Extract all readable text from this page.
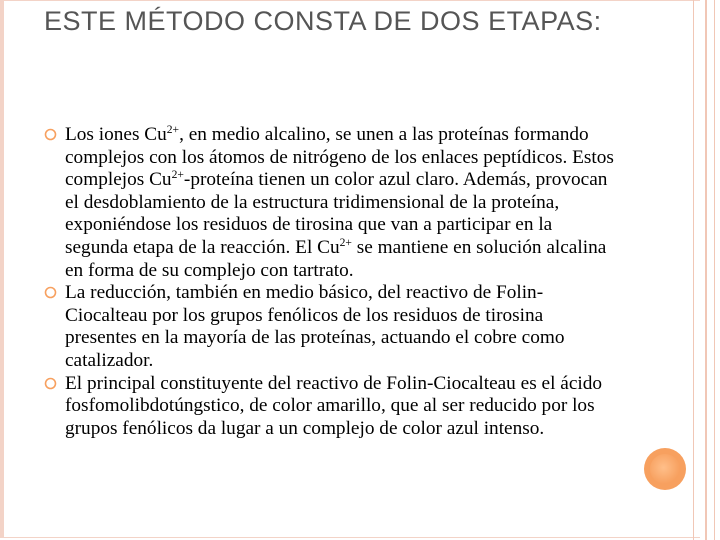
ESTE MÉTODO CONSTA DE DOS ETAPAS:
Los iones $Cu^{2+}$, en medio alcalino, se unen a las proteínas formando complejos con los átomos de nitrógeno de los enlaces peptídicos. Estos complejos $Cu^{2+}$-proteína tienen un color azul claro. Además, provocan el desdoblamiento de la estructura tridimensional de la proteína, exponiéndose los residuos de tirosina que van a participar en la segunda etapa de la reacción. El $Cu^{2+}$ se mantiene en solución alcalina en forma de su complejo con tartrato.
La reducción, también en medio básico, del reactivo de Folin-Ciocalteau por los grupos fenólicos de los residuos de tirosina presentes en la mayoría de las proteínas, actuando el cobre como catalizador.
El principal constituyente del reactivo de Folin‑Ciocalteau es el ácido fosfomolibdotúngstico, de color amarillo, que al ser reducido por los grupos fenólicos da lugar a un complejo de color azul intenso.
